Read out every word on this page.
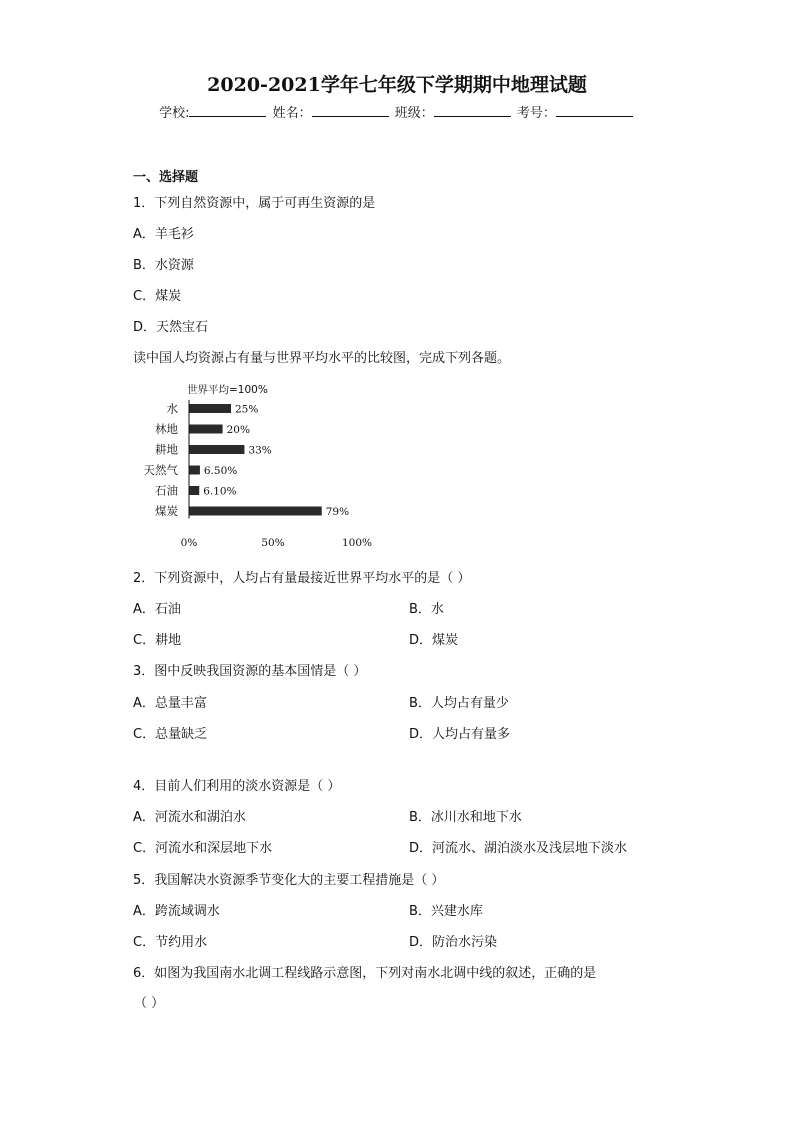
2020-2021学年七年级下学期期中地理试题
学校:	姓名：	班级：	考号：
一、选择题
1．下列自然资源中，属于可再生资源的是
A．羊毛衫
B．水资源
C．煤炭
D．天然宝石
读中国人均资源占有量与世界平均水平的比较图，完成下列各题。
世界平均=100%
水	25%
林地	20%
耕地	33%
天然气 6.50%
石油 6.10%
煤炭	79%
0%	50%	100%
2．下列资源中，人均占有量最接近世界平均水平的是（ ）
A．石油	B．水
C．耕地	D．煤炭
3．图中反映我国资源的基本国情是（ ）
A．总量丰富	B．人均占有量少
C．总量缺乏	D．人均占有量多
4．目前人们利用的淡水资源是（ ）
A．河流水和湖泊水	B．冰川水和地下水
C．河流水和深层地下水	D．河流水、湖泊淡水及浅层地下淡水
5．我国解决水资源季节变化大的主要工程措施是（ ）
A．跨流域调水	B．兴建水库
C．节约用水	D．防治水污染
6．如图为我国南水北调工程线路示意图，下列对南水北调中线的叙述，正确的是
（ ）
